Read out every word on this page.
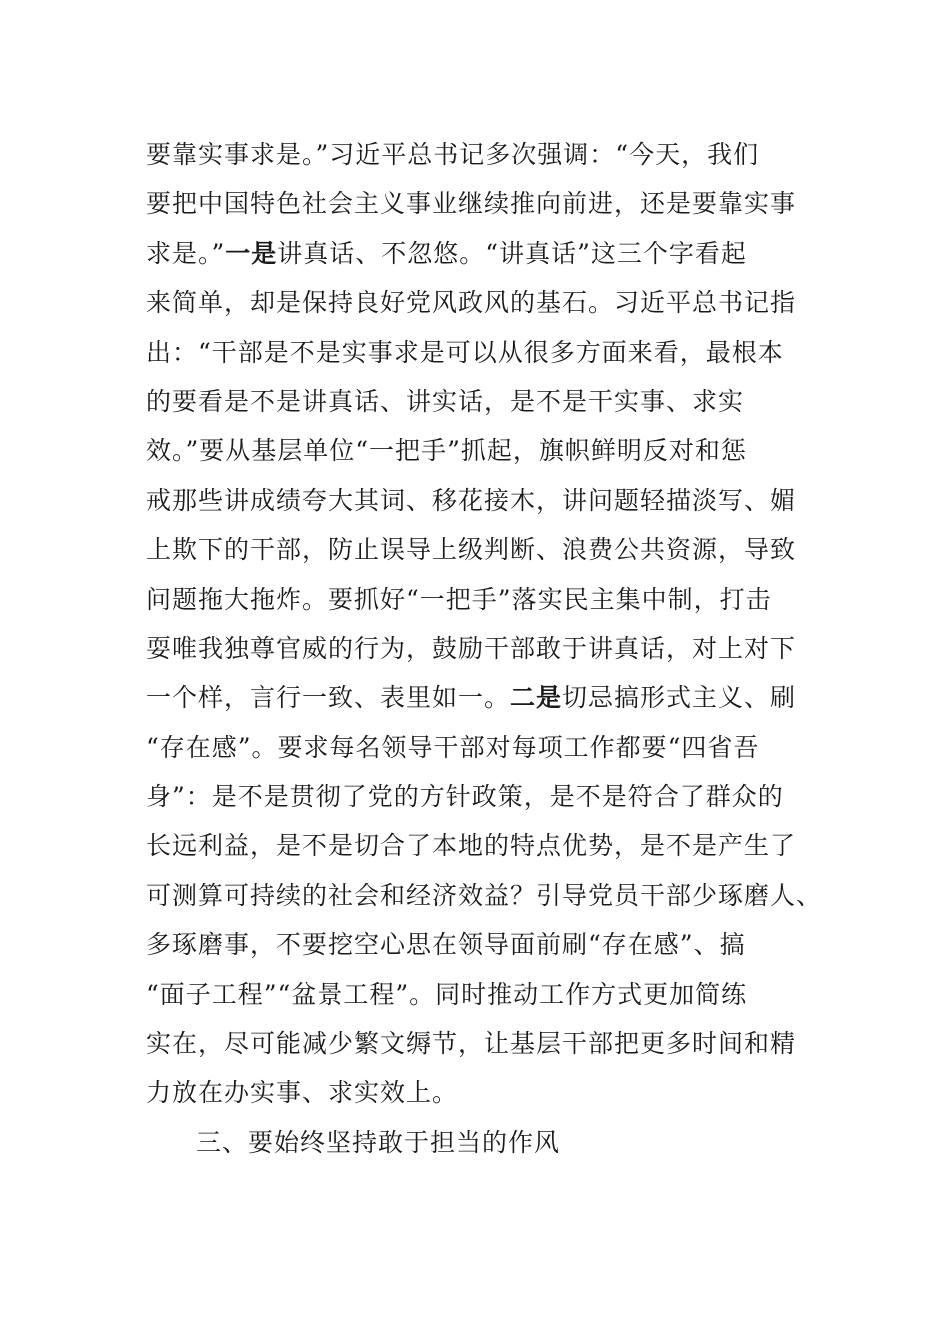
要靠实事求是。”习近平总书记多次强调：“今天，我们
要把中国特色社会主义事业继续推向前进，还是要靠实事
求是。”一是讲真话、不忽悠。“讲真话”这三个字看起
来简单，却是保持良好党风政风的基石。习近平总书记指
出：“干部是不是实事求是可以从很多方面来看，最根本
的要看是不是讲真话、讲实话，是不是干实事、求实
效。”要从基层单位“一把手”抓起，旗帜鲜明反对和惩
戒那些讲成绩夸大其词、移花接木，讲问题轻描淡写、媚
上欺下的干部，防止误导上级判断、浪费公共资源，导致
问题拖大拖炸。要抓好“一把手”落实民主集中制，打击
耍唯我独尊官威的行为，鼓励干部敢于讲真话，对上对下
一个样，言行一致、表里如一。二是切忌搞形式主义、刷
“存在感”。要求每名领导干部对每项工作都要“四省吾
身”：是不是贯彻了党的方针政策，是不是符合了群众的
长远利益，是不是切合了本地的特点优势，是不是产生了
可测算可持续的社会和经济效益？引导党员干部少琢磨人、
多琢磨事，不要挖空心思在领导面前刷“存在感”、搞
“面子工程”“盆景工程”。同时推动工作方式更加简练
实在，尽可能减少繁文缛节，让基层干部把更多时间和精
力放在办实事、求实效上。
三、要始终坚持敢于担当的作风
